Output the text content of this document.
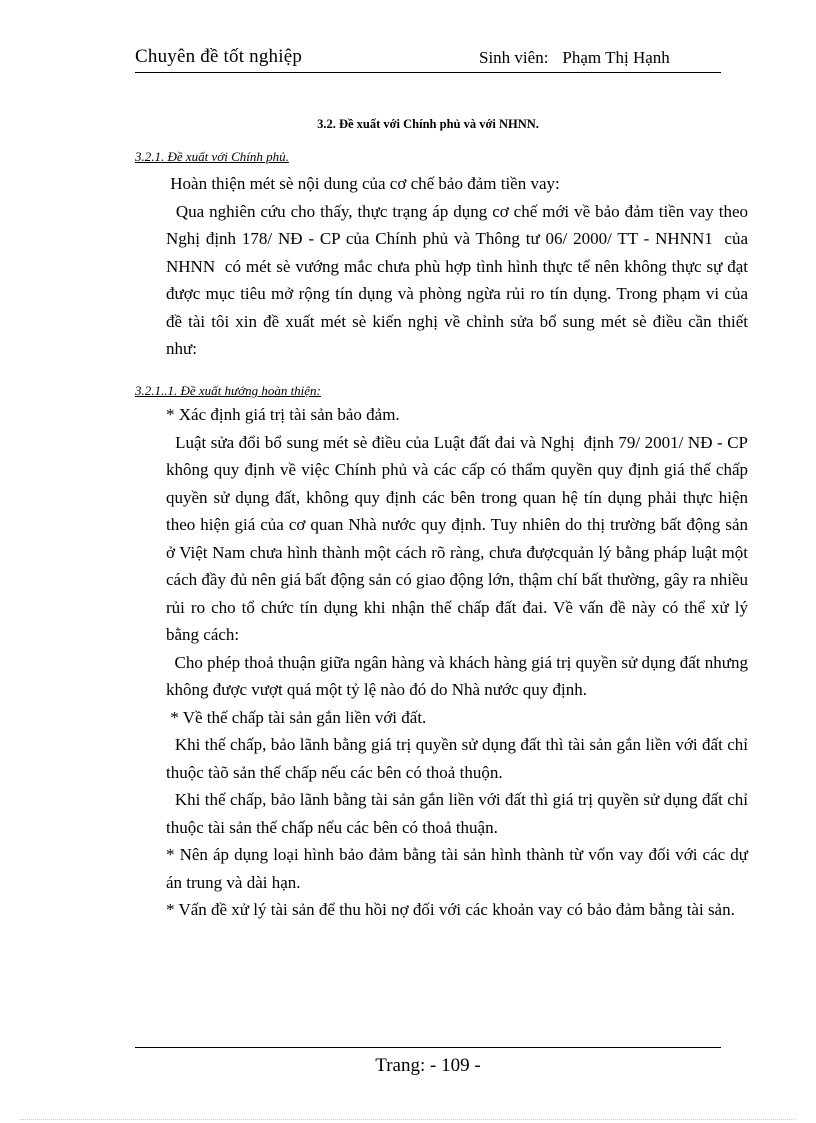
Chuyên đề tốt nghiệp	Sinh viên: Phạm Thị Hạnh
3.2. Đề xuất với Chính phủ và với NHNN.
3.2.1. Đề xuất với Chính phủ.

Hoàn thiện mét sè nội dung của cơ chế bảo đảm tiền vay:

Qua nghiên cứu cho thấy, thực trạng áp dụng cơ chế mới về bảo đảm tiền vay theo Nghị định 178/ NĐ - CP của Chính phủ và Thông tư 06/ 2000/ TT - NHNN1  của NHNN  có mét sè vướng mắc chưa phù hợp tình hình thực tế nên không thực sự đạt được mục tiêu mở rộng tín dụng và phòng ngừa rủi ro tín dụng. Trong phạm vi của đề tài tôi xin đề xuất mét sè kiến nghị về chỉnh sửa bổ sung mét sè điều cần thiết như:

3.2.1..1. Đề xuất hướng hoàn thiện:

* Xác định giá trị tài sản bảo đảm.

Luật sửa đổi bổ sung mét sè điều của Luật đất đai và Nghị  định 79/ 2001/ NĐ - CP không quy định về việc Chính phủ và các cấp có thẩm quyền quy định giá thế chấp quyền sử dụng đất, không quy định các bên trong quan hệ tín dụng phải thực hiện theo hiện giá của cơ quan Nhà nước quy định. Tuy nhiên do thị trường bất động sản ở Việt Nam chưa hình thành một cách rõ ràng, chưa đượcquản lý bằng pháp luật một cách đầy đủ nên giá bất động sản có giao động lớn, thậm chí bất thường, gây ra nhiều rủi ro cho tổ chức tín dụng khi nhận thế chấp đất đai. Về vấn đề này có thể xử lý bằng cách:

Cho phép thoả thuận giữa ngân hàng và khách hàng giá trị quyền sử dụng đất nhưng không được vượt quá một tỷ lệ nào đó do Nhà nước quy định.

* Về thế chấp tài sản gắn liền với đất.

Khi thế chấp, bảo lãnh bằng giá trị quyền sử dụng đất thì tài sản gắn liền với đất chỉ thuộc tàõ sản thế chấp nếu các bên có thoả thuộn.

Khi thế chấp, bảo lãnh bằng tài sản gắn liền với đất thì giá trị quyền sử dụng đất chỉ thuộc tài sản thế chấp nếu các bên có thoả thuận.

* Nên áp dụng loại hình bảo đảm bằng tài sản hình thành từ vốn vay đối với các dự án trung và dài hạn.

* Vấn đề xử lý tài sản để thu hồi nợ đối với các khoản vay có bảo đảm bằng tài sản.

Trang: - 109 -
